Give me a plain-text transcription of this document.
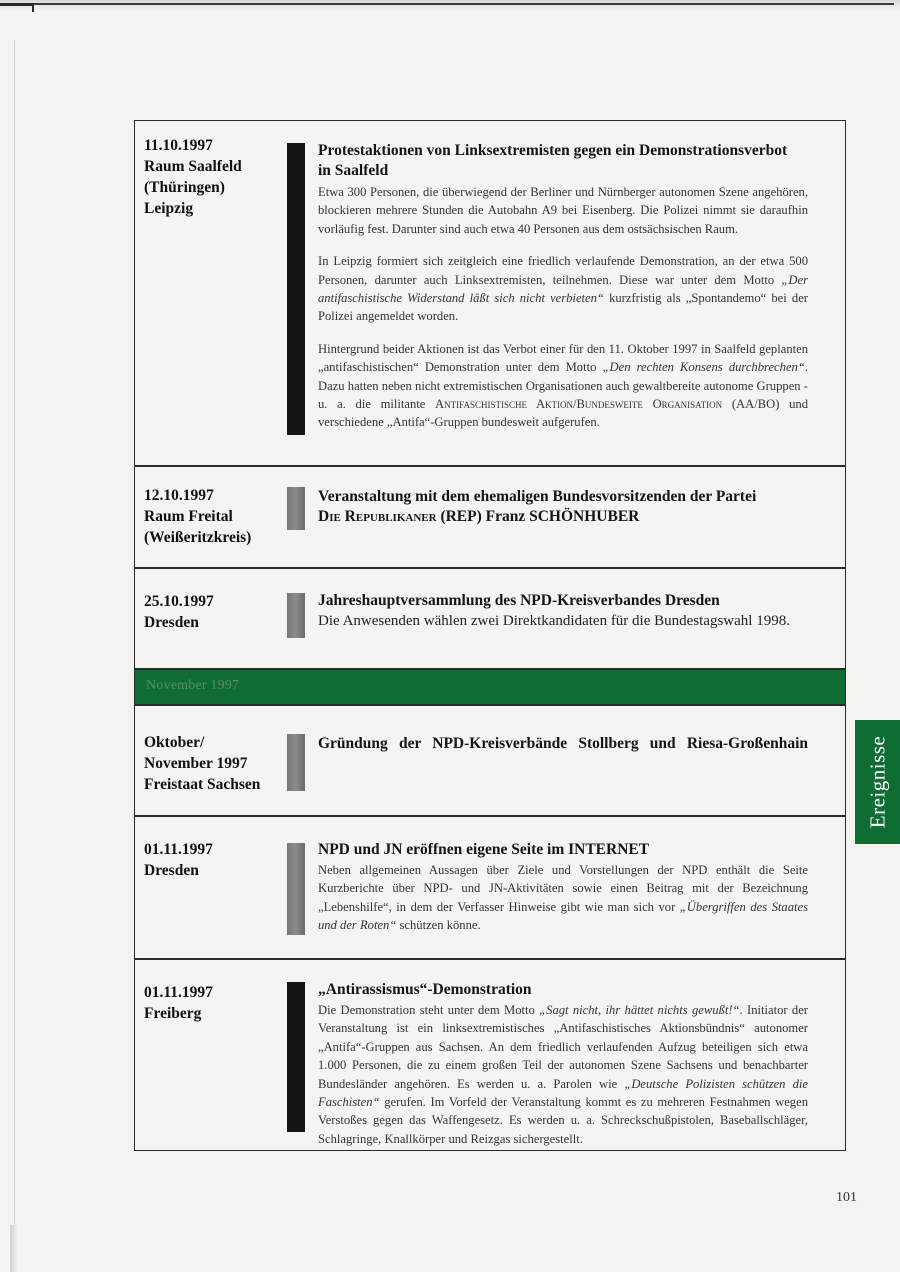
11.10.1997
Raum Saalfeld
(Thüringen)
Leipzig
Protestaktionen von Linksextremisten gegen ein Demonstrationsverbot
in Saalfeld

Etwa 300 Personen, die überwiegend der Berliner und Nürnberger autonomen Szene angehören, blockieren mehrere Stunden die Autobahn A9 bei Eisenberg. Die Polizei nimmt sie daraufhin vorläufig fest. Darunter sind auch etwa 40 Personen aus dem ostsächsischen Raum.

In Leipzig formiert sich zeitgleich eine friedlich verlaufende Demonstration, an der etwa 500 Personen, darunter auch Linksextremisten, teilnehmen. Diese war unter dem Motto „Der antifaschistische Widerstand läßt sich nicht verbieten“ kurzfristig als „Spontandemo“ bei der Polizei angemeldet worden.

Hintergrund beider Aktionen ist das Verbot einer für den 11. Oktober 1997 in Saalfeld geplanten „antifaschistischen“ Demonstration unter dem Motto „Den rechten Konsens durchbrechen“. Dazu hatten neben nicht extremistischen Organisationen auch gewaltbereite autonome Gruppen - u. a. die militante Antifaschistische Aktion/Bundesweite Organisation (AA/BO) und verschiedene „Antifa“-Gruppen bundesweit aufgerufen.

12.10.1997
Raum Freital
(Weißeritzkreis)
Veranstaltung mit dem ehemaligen Bundesvorsitzenden der Partei
Die Republikaner (REP) Franz SCHÖNHUBER
25.10.1997
Dresden
Jahreshauptversammlung des NPD-Kreisverbandes Dresden
Die Anwesenden wählen zwei Direktkandidaten für die Bundestagswahl 1998.
November 1997
Oktober/
November 1997
Freistaat Sachsen
Gründung der NPD-Kreisverbände Stollberg und Riesa-Großenhain
01.11.1997
Dresden
NPD und JN eröffnen eigene Seite im INTERNET

Neben allgemeinen Aussagen über Ziele und Vorstellungen der NPD enthält die Seite Kurzberichte über NPD- und JN-Aktivitäten sowie einen Beitrag mit der Bezeichnung „Lebenshilfe“, in dem der Verfasser Hinweise gibt wie man sich vor „Übergriffen des Staates und der Roten“ schützen könne.

01.11.1997
Freiberg
„Antirassismus“-Demonstration

Die Demonstration steht unter dem Motto „Sagt nicht, ihr hättet nichts gewußt!“. Initiator der Veranstaltung ist ein linksextremistisches „Antifaschistisches Aktionsbündnis“ autonomer „Antifa“-Gruppen aus Sachsen. An dem friedlich verlaufenden Aufzug beteiligen sich etwa 1.000 Personen, die zu einem großen Teil der autonomen Szene Sachsens und benachbarter Bundesländer angehören. Es werden u. a. Parolen wie „Deutsche Polizisten schützen die Faschisten“ gerufen. Im Vorfeld der Veranstaltung kommt es zu mehreren Festnahmen wegen Verstoßes gegen das Waffengesetz. Es werden u. a. Schreckschußpistolen, Baseballschläger, Schlagringe, Knallkörper und Reizgas sichergestellt.

Ereignisse
101
